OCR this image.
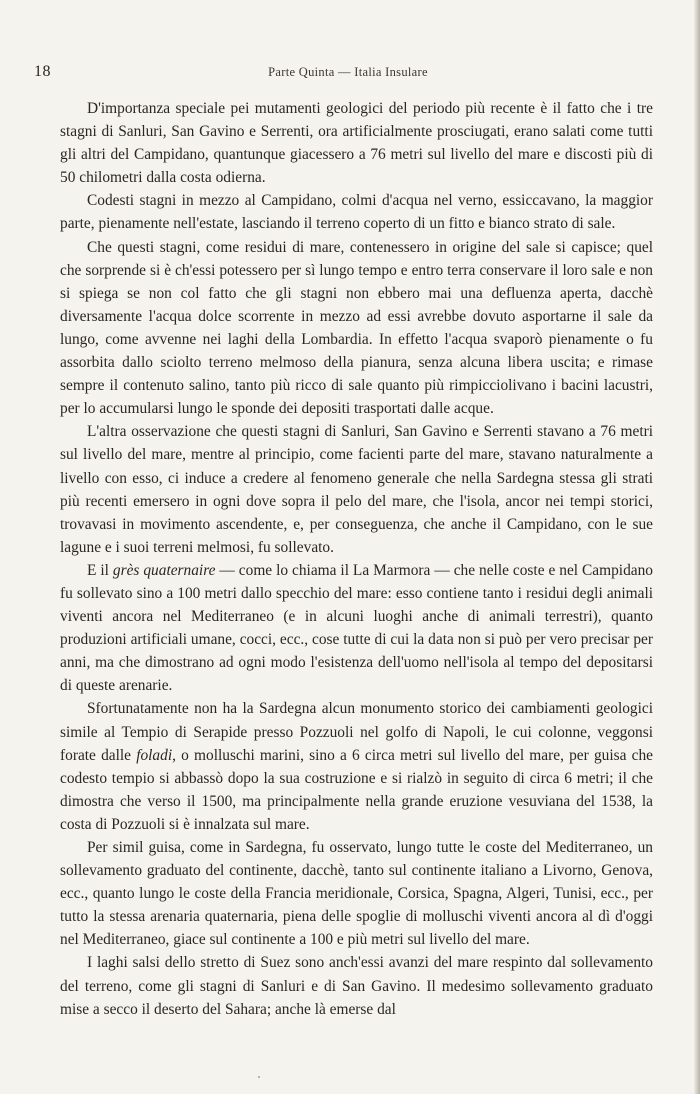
18	Parte Quinta — Italia Insulare

D'importanza speciale pei mutamenti geologici del periodo più recente è il fatto che i tre stagni di Sanluri, San Gavino e Serrenti, ora artificialmente prosciugati, erano salati come tutti gli altri del Campidano, quantunque giacessero a 76 metri sul livello del mare e discosti più di 50 chilometri dalla costa odierna.

Codesti stagni in mezzo al Campidano, colmi d'acqua nel verno, essiccavano, la maggior parte, pienamente nell'estate, lasciando il terreno coperto di un fitto e bianco strato di sale.

Che questi stagni, come residui di mare, contenessero in origine del sale si capisce; quel che sorprende si è ch'essi potessero per sì lungo tempo e entro terra conservare il loro sale e non si spiega se non col fatto che gli stagni non ebbero mai una defluenza aperta, dacchè diversamente l'acqua dolce scorrente in mezzo ad essi avrebbe dovuto asportarne il sale da lungo, come avvenne nei laghi della Lombardia. In effetto l'acqua svaporò pienamente o fu assorbita dallo sciolto terreno melmoso della pianura, senza alcuna libera uscita; e rimase sempre il contenuto salino, tanto più ricco di sale quanto più rimpicciolivano i bacini lacustri, per lo accumularsi lungo le sponde dei depositi trasportati dalle acque.

L'altra osservazione che questi stagni di Sanluri, San Gavino e Serrenti stavano a 76 metri sul livello del mare, mentre al principio, come facienti parte del mare, stavano naturalmente a livello con esso, ci induce a credere al fenomeno generale che nella Sardegna stessa gli strati più recenti emersero in ogni dove sopra il pelo del mare, che l'isola, ancor nei tempi storici, trovavasi in movimento ascendente, e, per conseguenza, che anche il Campidano, con le sue lagune e i suoi terreni melmosi, fu sollevato.

E il grès quaternaire — come lo chiama il La Marmora — che nelle coste e nel Campidano fu sollevato sino a 100 metri dallo specchio del mare: esso contiene tanto i residui degli animali viventi ancora nel Mediterraneo (e in alcuni luoghi anche di animali terrestri), quanto produzioni artificiali umane, cocci, ecc., cose tutte di cui la data non si può per vero precisar per anni, ma che dimostrano ad ogni modo l'esistenza dell'uomo nell'isola al tempo del depositarsi di queste arenarie.

Sfortunatamente non ha la Sardegna alcun monumento storico dei cambiamenti geologici simile al Tempio di Serapide presso Pozzuoli nel golfo di Napoli, le cui colonne, veggonsi forate dalle foladi, o molluschi marini, sino a 6 circa metri sul livello del mare, per guisa che codesto tempio si abbassò dopo la sua costruzione e si rialzò in seguito di circa 6 metri; il che dimostra che verso il 1500, ma principalmente nella grande eruzione vesuviana del 1538, la costa di Pozzuoli si è innalzata sul mare.

Per simil guisa, come in Sardegna, fu osservato, lungo tutte le coste del Mediterraneo, un sollevamento graduato del continente, dacchè, tanto sul continente italiano a Livorno, Genova, ecc., quanto lungo le coste della Francia meridionale, Corsica, Spagna, Algeri, Tunisi, ecc., per tutto la stessa arenaria quaternaria, piena delle spoglie di molluschi viventi ancora al dì d'oggi nel Mediterraneo, giace sul continente a 100 e più metri sul livello del mare.

I laghi salsi dello stretto di Suez sono anch'essi avanzi del mare respinto dal sollevamento del terreno, come gli stagni di Sanluri e di San Gavino. Il medesimo sollevamento graduato mise a secco il deserto del Sahara; anche là emerse dal
